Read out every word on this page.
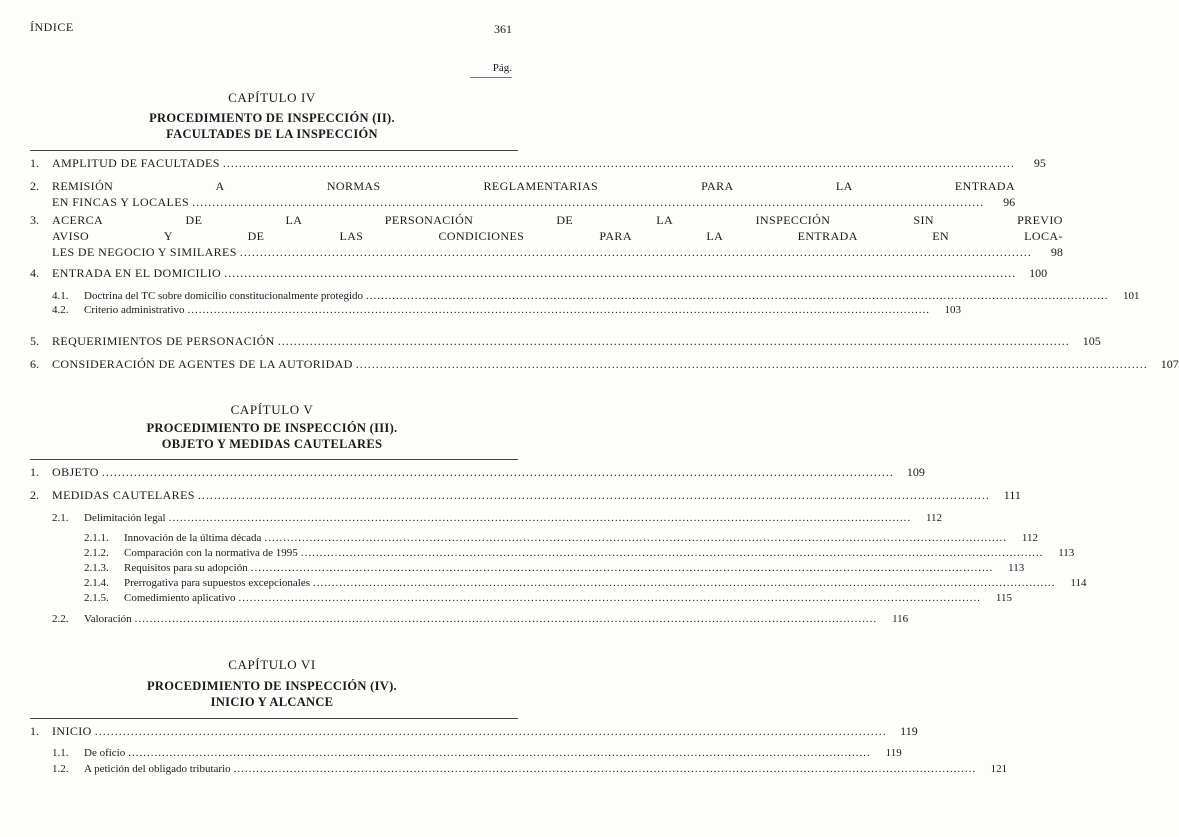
ÍNDICE	361
Pág.
CAPÍTULO IV
PROCEDIMIENTO DE INSPECCIÓN (II).
FACULTADES DE LA INSPECCIÓN
1.	AMPLITUD DE FACULTADES .....	95
2.	REMISIÓN A NORMAS REGLAMENTARIAS PARA LA ENTRADA
EN FINCAS Y LOCALES .....	96
3.	ACERCA DE LA PERSONACIÓN DE LA INSPECCIÓN SIN PREVIO
AVISO Y DE LAS CONDICIONES PARA LA ENTRADA EN LOCA-
LES DE NEGOCIO Y SIMILARES .....	98
4.	ENTRADA EN EL DOMICILIO .....	100
4.1.	Doctrina del TC sobre domicilio constitucionalmente protegido .....	101
4.2.	Criterio administrativo .....	103
5.	REQUERIMIENTOS DE PERSONACIÓN .....	105
6.	CONSIDERACIÓN DE AGENTES DE LA AUTORIDAD .....	107
CAPÍTULO V
PROCEDIMIENTO DE INSPECCIÓN (III).
OBJETO Y MEDIDAS CAUTELARES
1.	OBJETO .....	109
2.	MEDIDAS CAUTELARES .....	111
2.1.	Delimitación legal .....	112
2.1.1.	Innovación de la última década .....	112
2.1.2.	Comparación con la normativa de 1995 .....	113
2.1.3.	Requisitos para su adopción .....	113
2.1.4.	Prerrogativa para supuestos excepcionales .....	114
2.1.5.	Comedimiento aplicativo .....	115
2.2.	Valoración .....	116
CAPÍTULO VI
PROCEDIMIENTO DE INSPECCIÓN (IV).
INICIO Y ALCANCE
1.	INICIO .....	119
1.1.	De oficio .....	119
1.2.	A petición del obligado tributario .....	121
